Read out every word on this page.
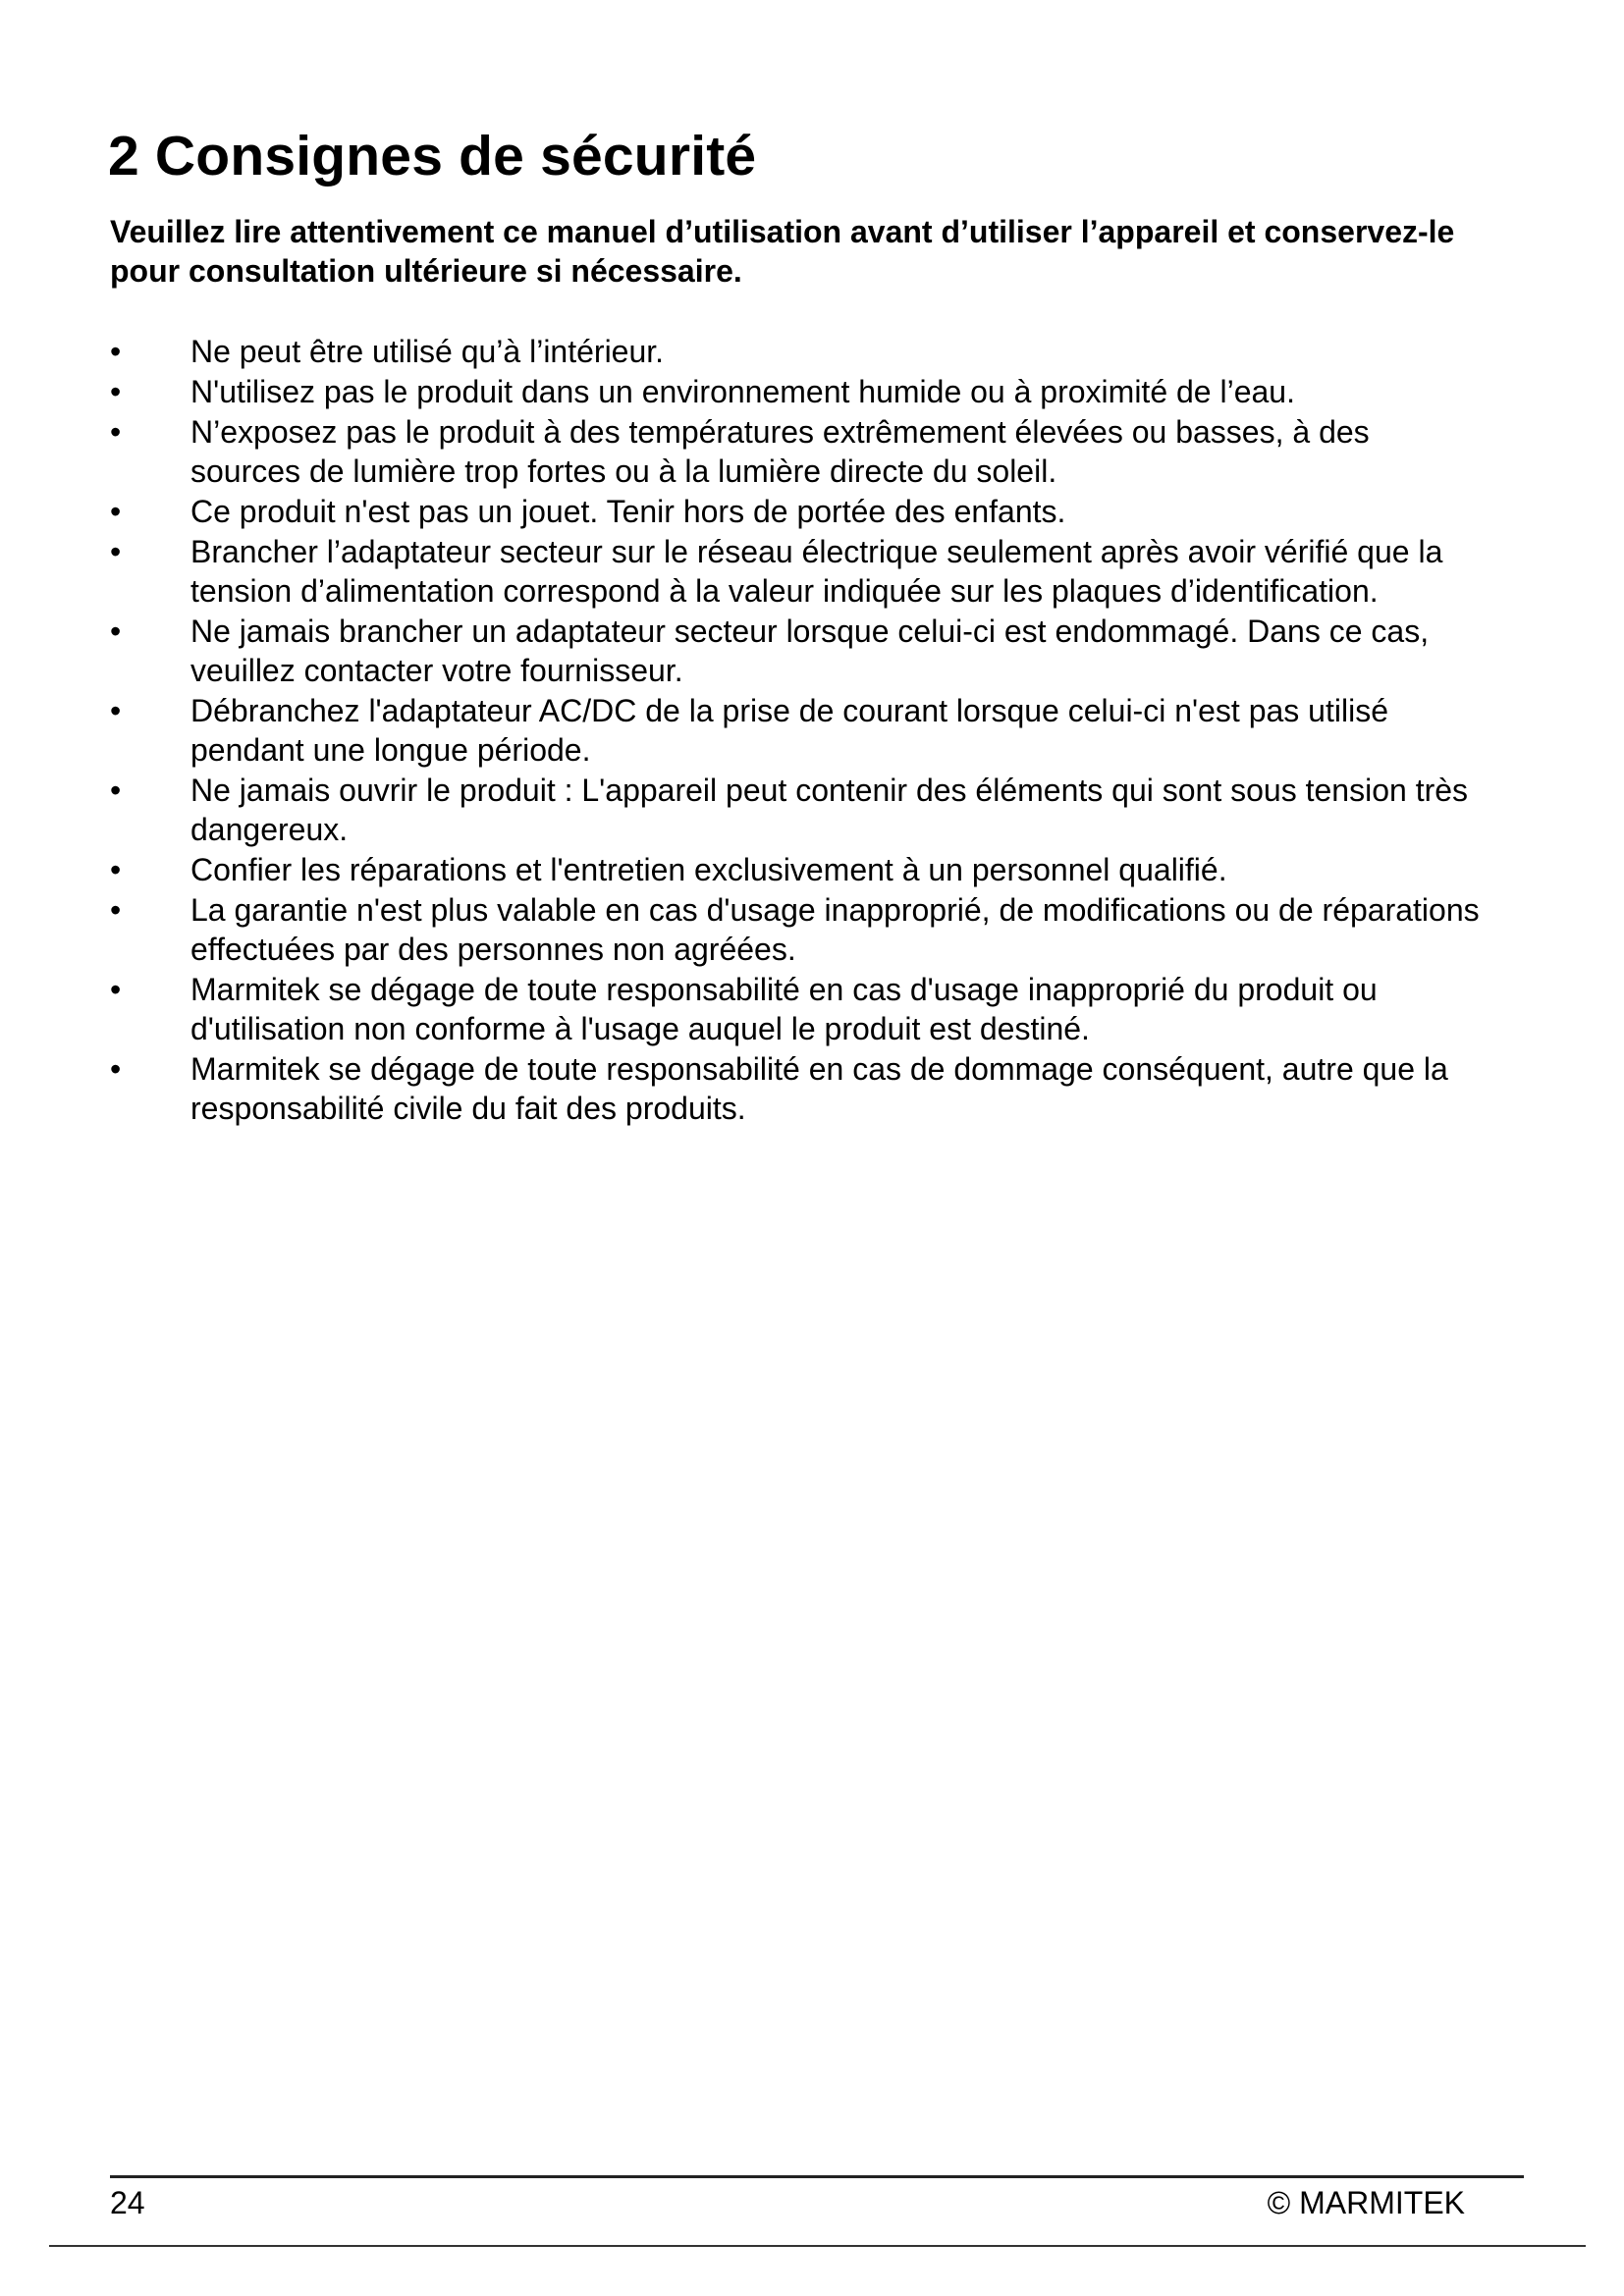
2 Consignes de sécurité

Veuillez lire attentivement ce manuel d’utilisation avant d’utiliser l’appareil et conservez-le pour consultation ultérieure si nécessaire.

• Ne peut être utilisé qu’à l’intérieur.
• N'utilisez pas le produit dans un environnement humide ou à proximité de l’eau.
• N’exposez pas le produit à des températures extrêmement élevées ou basses, à des sources de lumière trop fortes ou à la lumière directe du soleil.
• Ce produit n'est pas un jouet. Tenir hors de portée des enfants.
• Brancher l’adaptateur secteur sur le réseau électrique seulement après avoir vérifié que la tension d’alimentation correspond à la valeur indiquée sur les plaques d’identification.
• Ne jamais brancher un adaptateur secteur lorsque celui-ci est endommagé. Dans ce cas, veuillez contacter votre fournisseur.
• Débranchez l'adaptateur AC/DC de la prise de courant lorsque celui-ci n'est pas utilisé pendant une longue période.
• Ne jamais ouvrir le produit : L'appareil peut contenir des éléments qui sont sous tension très dangereux.
• Confier les réparations et l'entretien exclusivement à un personnel qualifié.
• La garantie n'est plus valable en cas d'usage inapproprié, de modifications ou de réparations effectuées par des personnes non agréées.
• Marmitek se dégage de toute responsabilité en cas d'usage inapproprié du produit ou d'utilisation non conforme à l'usage auquel le produit est destiné.
• Marmitek se dégage de toute responsabilité en cas de dommage conséquent, autre que la responsabilité civile du fait des produits.
24	© MARMITEK
